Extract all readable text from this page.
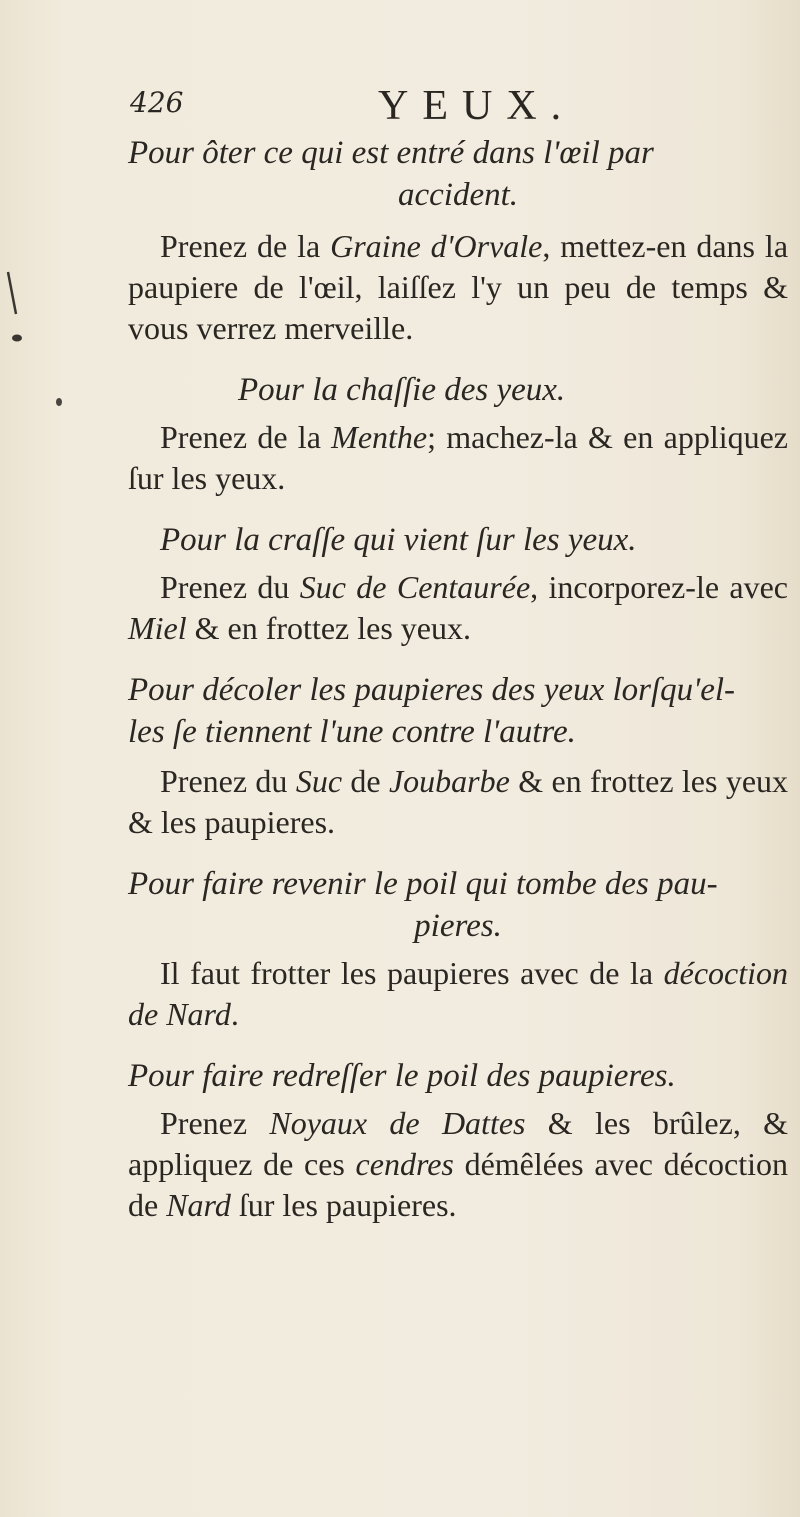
426	YEUX.

Pour ôter ce qui est entré dans l'œil par
accident.

Prenez de la Graine d'Orvale, mettez-en dans la paupiere de l'œil, laiſſez l'y un peu de temps & vous verrez merveille.

Pour la chaſſie des yeux.

Prenez de la Menthe; machez-la & en appliquez ſur les yeux.

Pour la craſſe qui vient ſur les yeux.

Prenez du Suc de Centaurée, incorporez-le avec Miel & en frottez les yeux.

Pour décoler les paupieres des yeux lorſqu'el-
les ſe tiennent l'une contre l'autre.

Prenez du Suc de Joubarbe & en frottez les yeux & les paupieres.

Pour faire revenir le poil qui tombe des pau-
pieres.

Il faut frotter les paupieres avec de la décoction de Nard.

Pour faire redreſſer le poil des paupieres.

Prenez Noyaux de Dattes & les brûlez, & appliquez de ces cendres démêlées avec décoction de Nard ſur les paupieres.
